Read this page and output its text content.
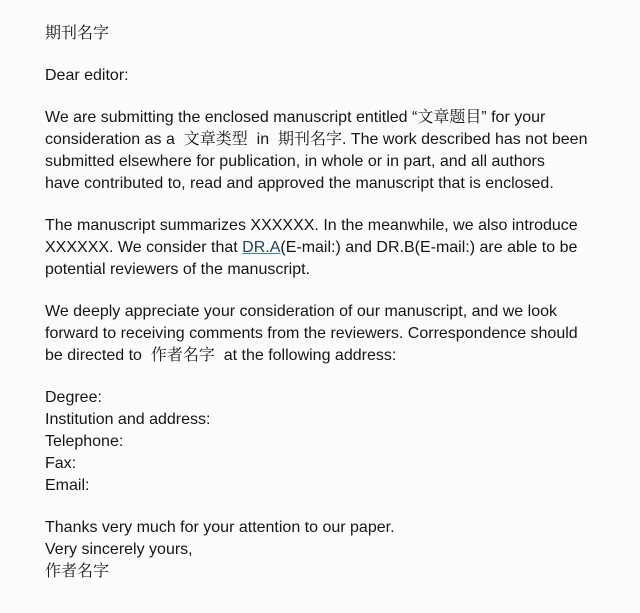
期刊名字
Dear editor:
We are submitting the enclosed manuscript entitled “文章题目” for your
consideration as a  文章类型  in  期刊名字. The work described has not been
submitted elsewhere for publication, in whole or in part, and all authors
have contributed to, read and approved the manuscript that is enclosed.
The manuscript summarizes XXXXXX. In the meanwhile, we also introduce
XXXXXX. We consider that DR.A(E-mail:) and DR.B(E-mail:) are able to be
potential reviewers of the manuscript.
We deeply appreciate your consideration of our manuscript, and we look
forward to receiving comments from the reviewers. Correspondence should
be directed to  作者名字  at the following address:
Degree:
Institution and address:
Telephone:
Fax:
Email:
Thanks very much for your attention to our paper.
Very sincerely yours,
作者名字
